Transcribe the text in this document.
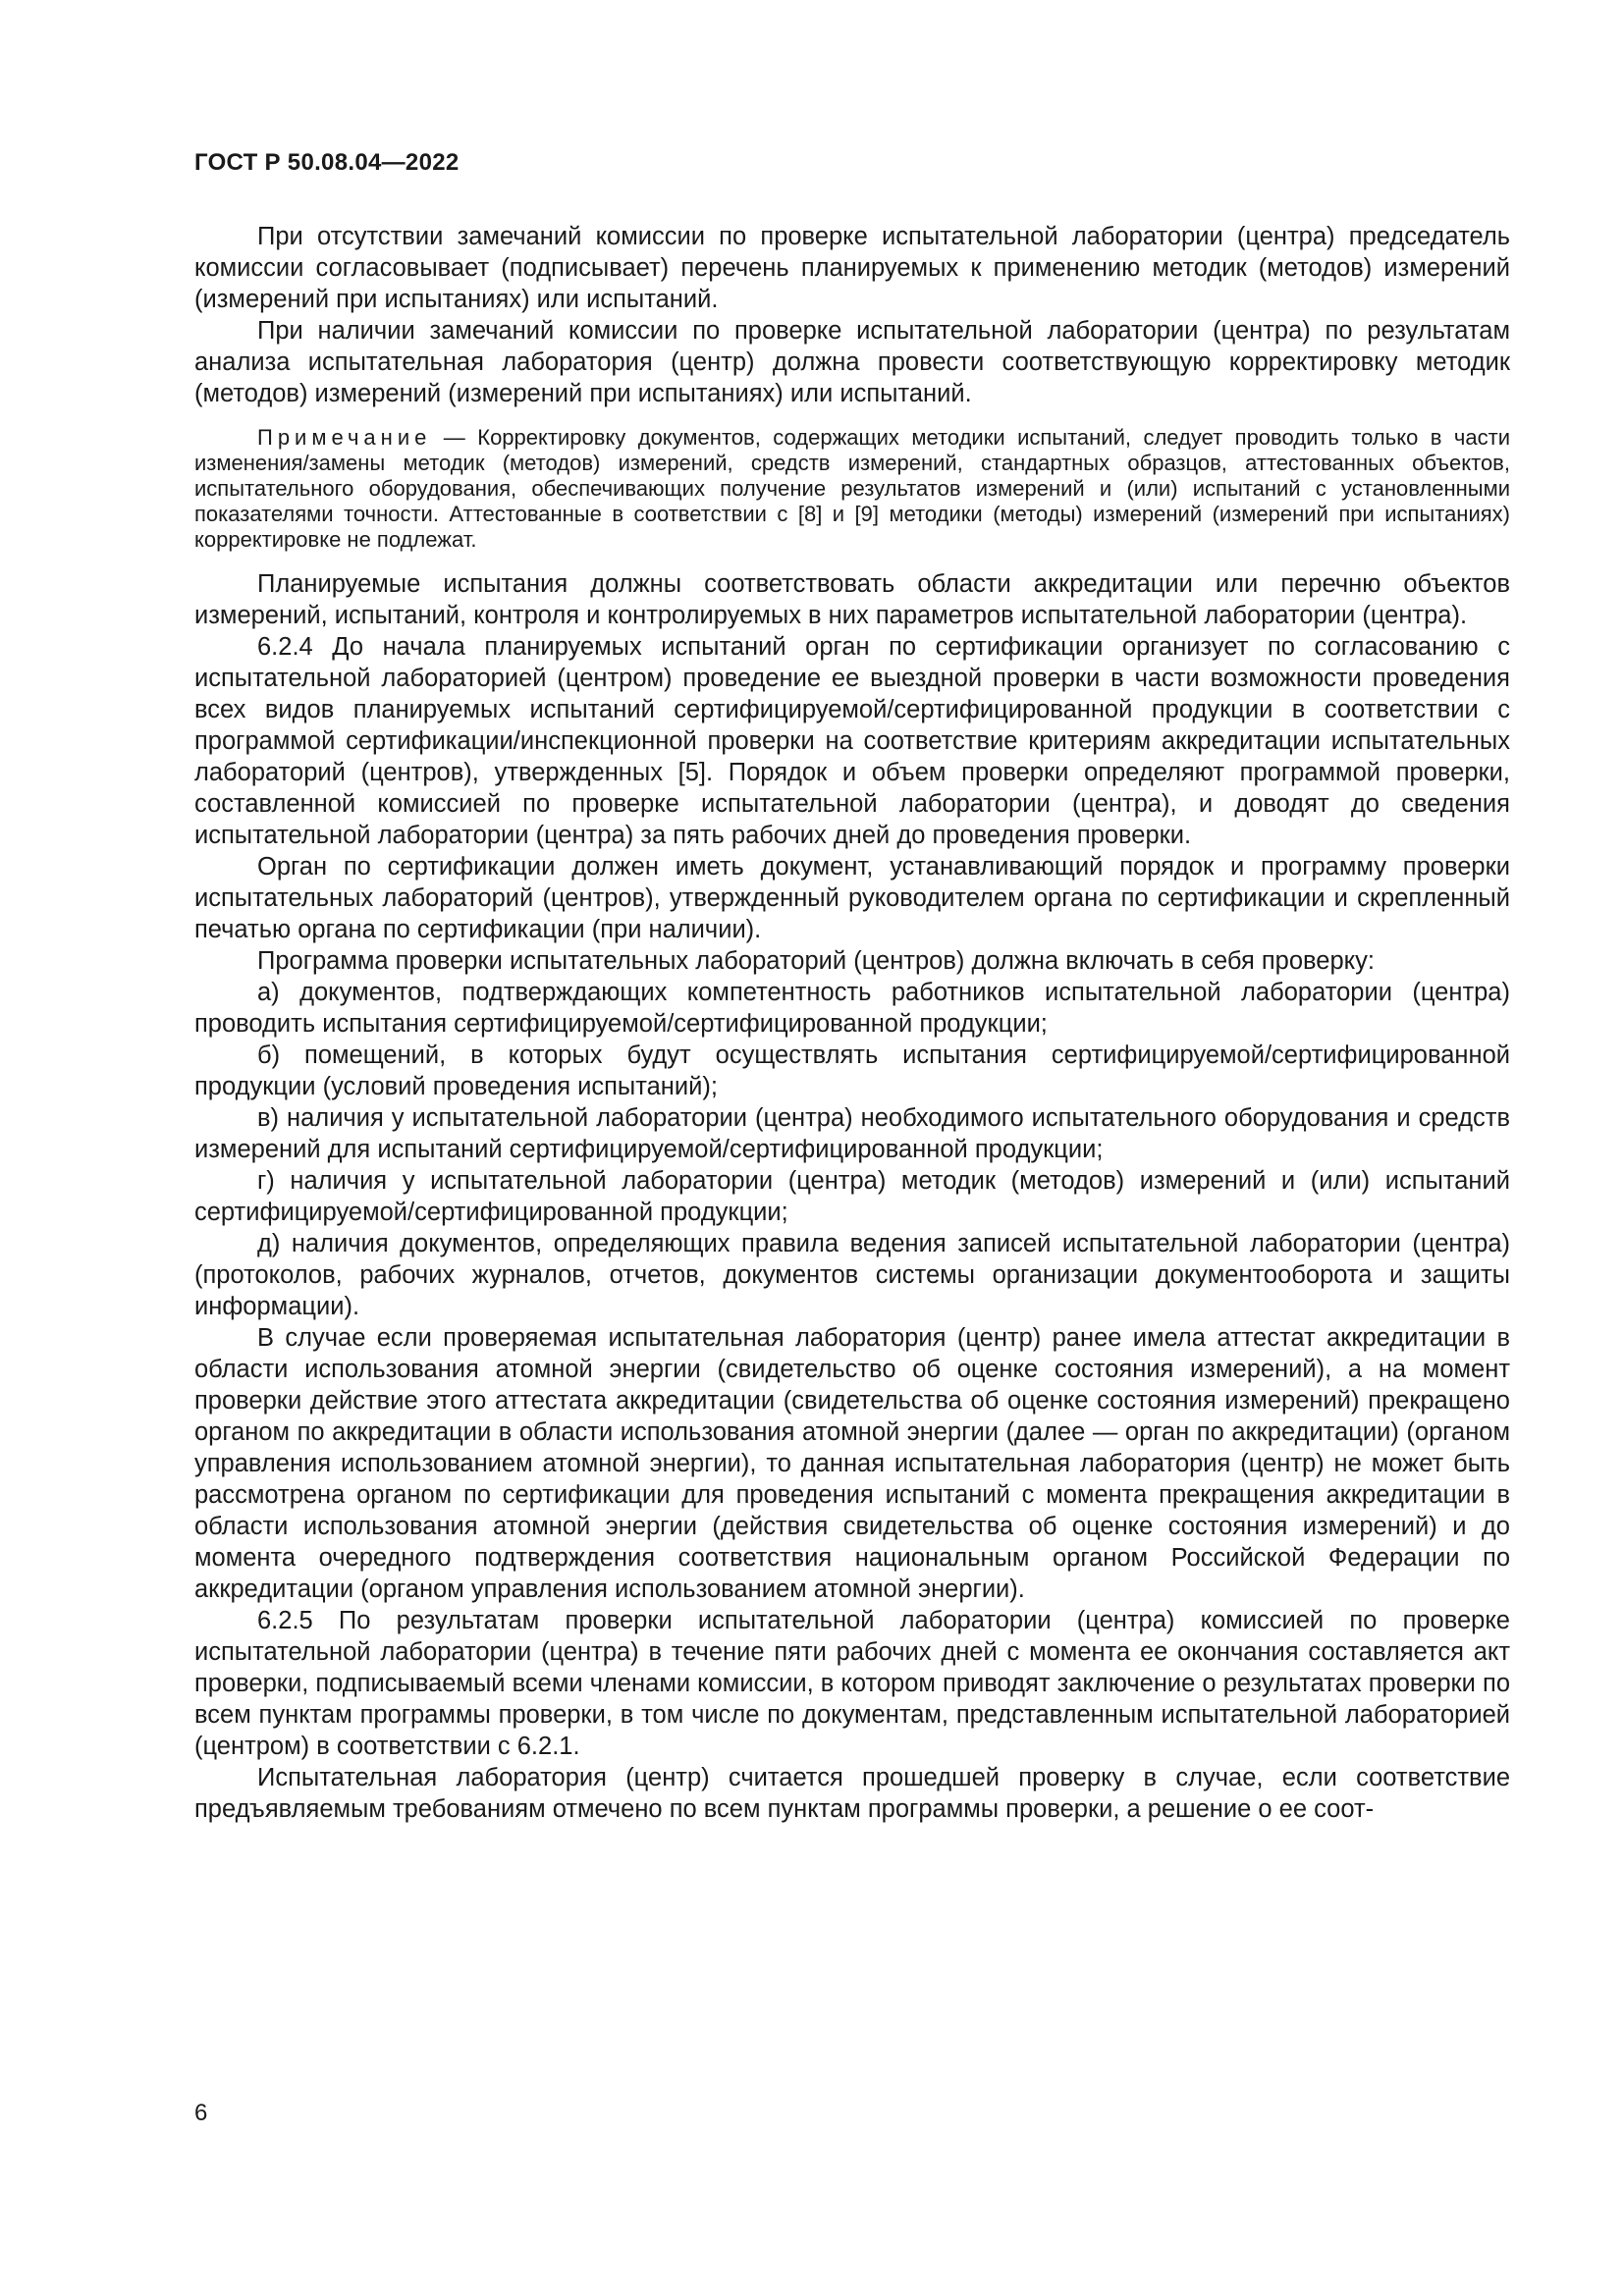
ГОСТ Р 50.08.04—2022

При отсутствии замечаний комиссии по проверке испытательной лаборатории (центра) председатель комиссии согласовывает (подписывает) перечень планируемых к применению методик (методов) измерений (измерений при испытаниях) или испытаний.

При наличии замечаний комиссии по проверке испытательной лаборатории (центра) по результатам анализа испытательная лаборатория (центр) должна провести соответствующую корректировку методик (методов) измерений (измерений при испытаниях) или испытаний.

Примечание — Корректировку документов, содержащих методики испытаний, следует проводить только в части изменения/замены методик (методов) измерений, средств измерений, стандартных образцов, аттестованных объектов, испытательного оборудования, обеспечивающих получение результатов измерений и (или) испытаний с установленными показателями точности. Аттестованные в соответствии с [8] и [9] методики (методы) измерений (измерений при испытаниях) корректировке не подлежат.

Планируемые испытания должны соответствовать области аккредитации или перечню объектов измерений, испытаний, контроля и контролируемых в них параметров испытательной лаборатории (центра).

6.2.4 До начала планируемых испытаний орган по сертификации организует по согласованию с испытательной лабораторией (центром) проведение ее выездной проверки в части возможности проведения всех видов планируемых испытаний сертифицируемой/сертифицированной продукции в соответствии с программой сертификации/инспекционной проверки на соответствие критериям аккредитации испытательных лабораторий (центров), утвержденных [5]. Порядок и объем проверки определяют программой проверки, составленной комиссией по проверке испытательной лаборатории (центра), и доводят до сведения испытательной лаборатории (центра) за пять рабочих дней до проведения проверки.

Орган по сертификации должен иметь документ, устанавливающий порядок и программу проверки испытательных лабораторий (центров), утвержденный руководителем органа по сертификации и скрепленный печатью органа по сертификации (при наличии).

Программа проверки испытательных лабораторий (центров) должна включать в себя проверку:

а) документов, подтверждающих компетентность работников испытательной лаборатории (центра) проводить испытания сертифицируемой/сертифицированной продукции;

б) помещений, в которых будут осуществлять испытания сертифицируемой/сертифицированной продукции (условий проведения испытаний);

в) наличия у испытательной лаборатории (центра) необходимого испытательного оборудования и средств измерений для испытаний сертифицируемой/сертифицированной продукции;

г) наличия у испытательной лаборатории (центра) методик (методов) измерений и (или) испытаний сертифицируемой/сертифицированной продукции;

д) наличия документов, определяющих правила ведения записей испытательной лаборатории (центра) (протоколов, рабочих журналов, отчетов, документов системы организации документооборота и защиты информации).

В случае если проверяемая испытательная лаборатория (центр) ранее имела аттестат аккредитации в области использования атомной энергии (свидетельство об оценке состояния измерений), а на момент проверки действие этого аттестата аккредитации (свидетельства об оценке состояния измерений) прекращено органом по аккредитации в области использования атомной энергии (далее — орган по аккредитации) (органом управления использованием атомной энергии), то данная испытательная лаборатория (центр) не может быть рассмотрена органом по сертификации для проведения испытаний с момента прекращения аккредитации в области использования атомной энергии (действия свидетельства об оценке состояния измерений) и до момента очередного подтверждения соответствия национальным органом Российской Федерации по аккредитации (органом управления использованием атомной энергии).

6.2.5 По результатам проверки испытательной лаборатории (центра) комиссией по проверке испытательной лаборатории (центра) в течение пяти рабочих дней с момента ее окончания составляется акт проверки, подписываемый всеми членами комиссии, в котором приводят заключение о результатах проверки по всем пунктам программы проверки, в том числе по документам, представленным испытательной лабораторией (центром) в соответствии с 6.2.1.

Испытательная лаборатория (центр) считается прошедшей проверку в случае, если соответствие предъявляемым требованиям отмечено по всем пунктам программы проверки, а решение о ее соот-

6
